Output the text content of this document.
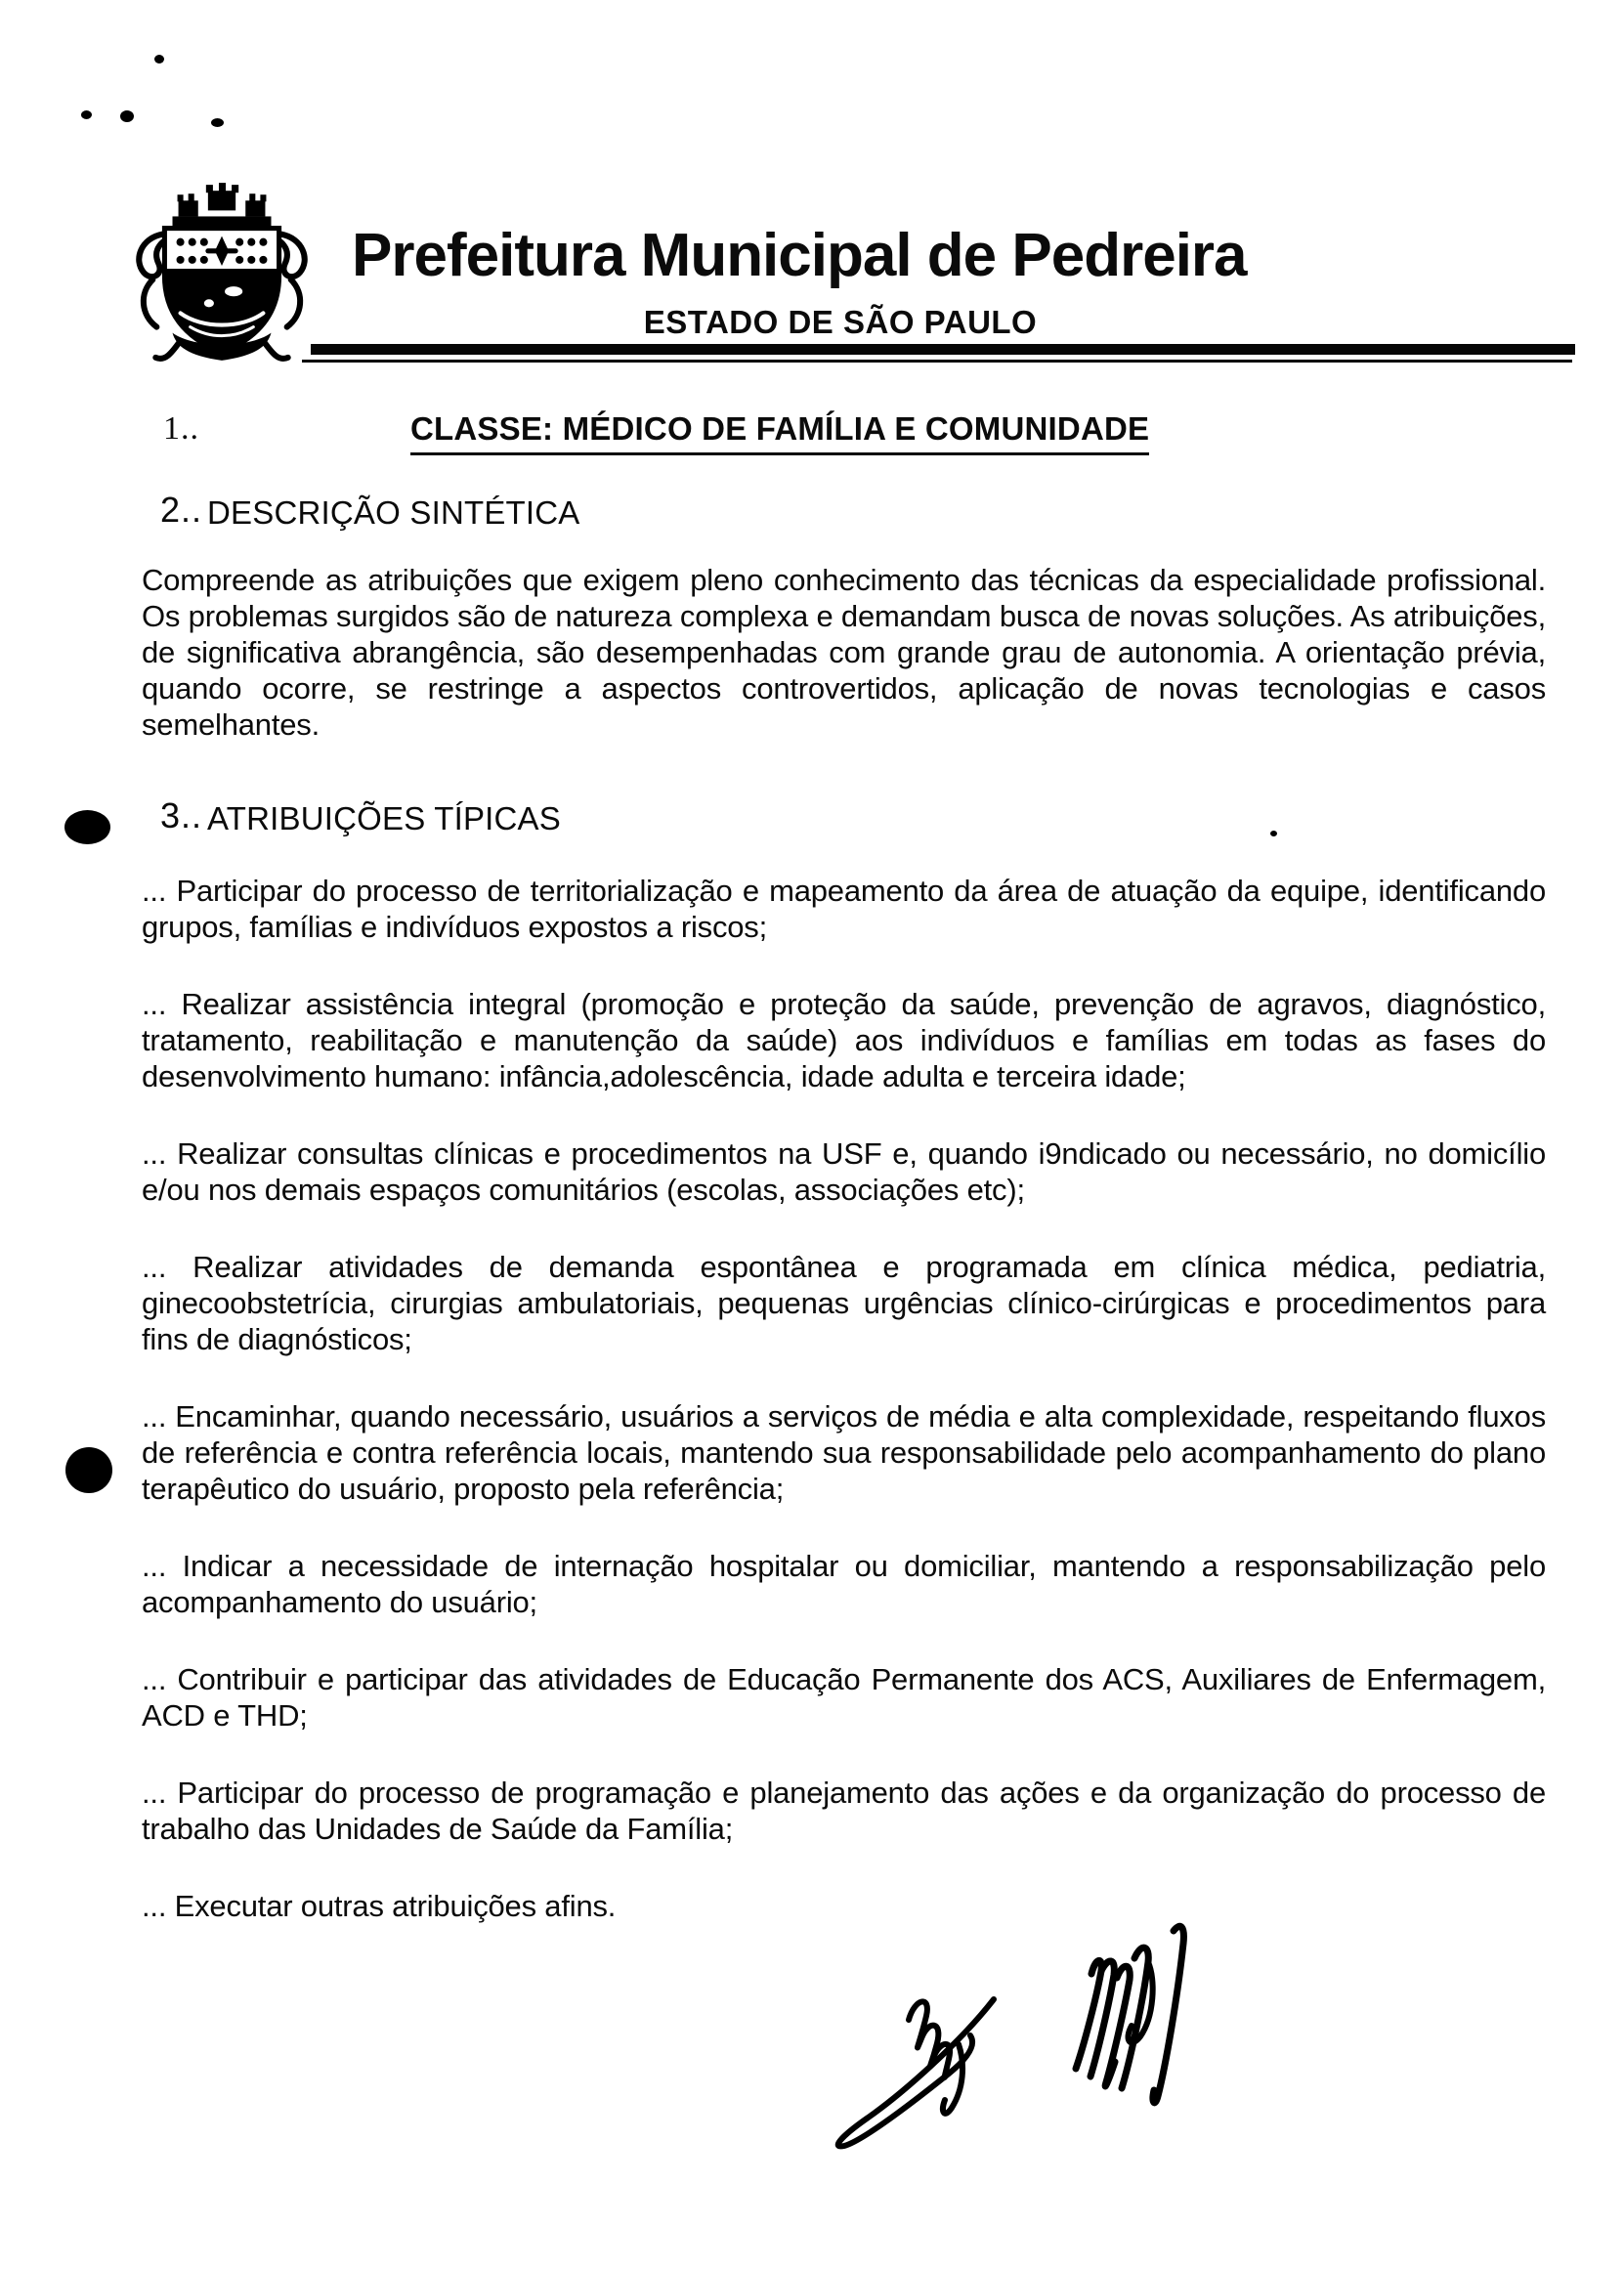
Prefeitura Municipal de Pedreira
ESTADO DE SÃO PAULO
1..	CLASSE: MÉDICO DE FAMÍLIA E COMUNIDADE
2.. DESCRIÇÃO SINTÉTICA
Compreende as atribuições que exigem pleno conhecimento das técnicas da especialidade profissional. Os problemas surgidos são de natureza complexa e demandam busca de novas soluções. As atribuições, de significativa abrangência, são desempenhadas com grande grau de autonomia. A orientação prévia, quando ocorre, se restringe a aspectos controvertidos, aplicação de novas tecnologias e casos semelhantes.
3.. ATRIBUIÇÕES TÍPICAS

... Participar do processo de territorialização e mapeamento da área de atuação da equipe, identificando grupos, famílias e indivíduos expostos a riscos;

... Realizar assistência integral (promoção e proteção da saúde, prevenção de agravos, diagnóstico, tratamento, reabilitação e manutenção da saúde) aos indivíduos e famílias em todas as fases do desenvolvimento humano: infância,adolescência, idade adulta e terceira idade;

... Realizar consultas clínicas e procedimentos na USF e, quando i9ndicado ou necessário, no domicílio e/ou nos demais espaços comunitários (escolas, associações etc);

... Realizar atividades de demanda espontânea e programada em clínica médica, pediatria, ginecoobstetrícia, cirurgias ambulatoriais, pequenas urgências clínico-cirúrgicas e procedimentos para fins de diagnósticos;

... Encaminhar, quando necessário, usuários a serviços de média e alta complexidade, respeitando fluxos de referência e contra referência locais, mantendo sua responsabilidade pelo acompanhamento do plano terapêutico do usuário, proposto pela referência;

... Indicar a necessidade de internação hospitalar ou domiciliar, mantendo a responsabilização pelo acompanhamento do usuário;

... Contribuir e participar das atividades de Educação Permanente dos ACS, Auxiliares de Enfermagem, ACD e THD;

... Participar do processo de programação e planejamento das ações e da organização do processo de trabalho das Unidades de Saúde da Família;

... Executar outras atribuições afins.
